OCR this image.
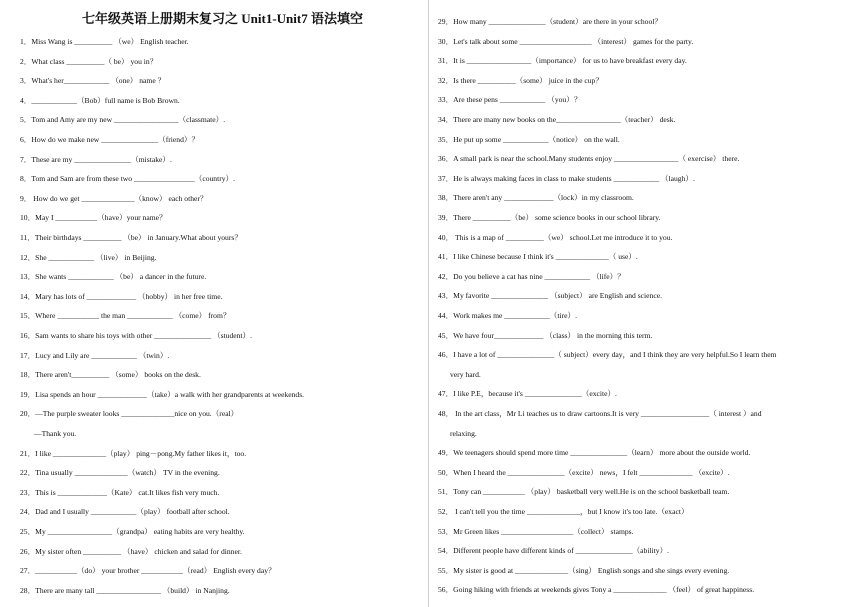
七年级英语上册期末复习之 Unit1-Unit7 语法填空
1．Miss Wang is __________ （we） English teacher.
2．What class __________（ be） you in？
3．What's her____________ （one） name ？
4．____________（Bob）full name is Bob Brown.
5．Tom and Amy are my new _________________（classmate）.
6．How do we make new _______________（friend）？
7．These are my _______________（mistake）.
8．Tom and Sam are from these two ________________（country）.
9． How do we get ______________（know） each other？
10．May I ___________（have）your name？
11．Their birthdays __________ （be） in January.What about yours？
12．She ____________ （live） in Beijing.
13．She wants ____________ （be） a dancer in the future.
14．Mary has lots of _____________ （hobby） in her free time.
15．Where ___________ the man ____________ （come） from？
16．Sam wants to share his toys with other _______________ （student）.
17．Lucy and Lily are ____________ （twin）.
18．There aren't__________ （some） books on the desk.
19．Lisa spends an hour _____________（take）a walk with her grandparents at weekends.
20．—The purple sweater looks ______________nice on you.（real）
—Thank you.
21．I like ______________（play） ping－pong.My father likes it，too.
22．Tina usually ______________（watch） TV in the evening.
23．This is _____________（Kate） cat.It likes fish very much.
24．Dad and I usually ____________（play） football after school.
25．My _________________（grandpa） eating habits are very healthy.
26．My sister often __________ （have） chicken and salad for dinner.
27．___________（do） your brother ___________（read） English every day？
28．There are many tall _________________ （build） in Nanjing.
29．How many _______________（student）are there in your school？
30．Let's talk about some ___________________ （interest） games for the party.
31．It is _________________（importance） for us to have breakfast every day.
32．Is there __________（some） juice in the cup？
33．Are these pens ____________ （you）？
34．There are many new books on the_________________（teacher） desk.
35．He put up some ____________（notice） on the wall.
36．A small park is near the school.Many students enjoy _________________（ exercise） there.
37．He is always making faces in class to make students ____________ （laugh）.
38．There aren't any _____________（lock）in my classroom.
39．There __________（be） some science books in our school library.
40． This is a map of __________（we） school.Let me introduce it to you.
41．I like Chinese because I think it's ______________（ use）.
42．Do you believe a cat has nine ____________ （life）？
43．My favorite _______________ （subject） are English and science.
44．Work makes me ____________（tire）.
45．We have four_____________ （class） in the morning this term.
46．I have a lot of _______________（ subject）every day，and I think they are very helpful.So I learn them
very hard.
47．I like P.E，because it's _______________（excite）.
48． In the art class，Mr Li teaches us to draw cartoons.It is very __________________（ interest ）and
relaxing.
49．We teenagers should spend more time _______________（learn） more about the outside world.
50．When I heard the _______________（excite） news，I felt ______________ （excite）.
51．Tony can ___________ （play） basketball very well.He is on the school basketball team.
52． I can't tell you the time ______________，but I know it's too late.（exact）
53．Mr Green likes ___________________（collect） stamps.
54．Different people have different kinds of _______________（ability）.
55．My sister is good at ______________（sing） English songs and she sings every evening.
56．Going hiking with friends at weekends gives Tony a ______________ （feel） of great happiness.
